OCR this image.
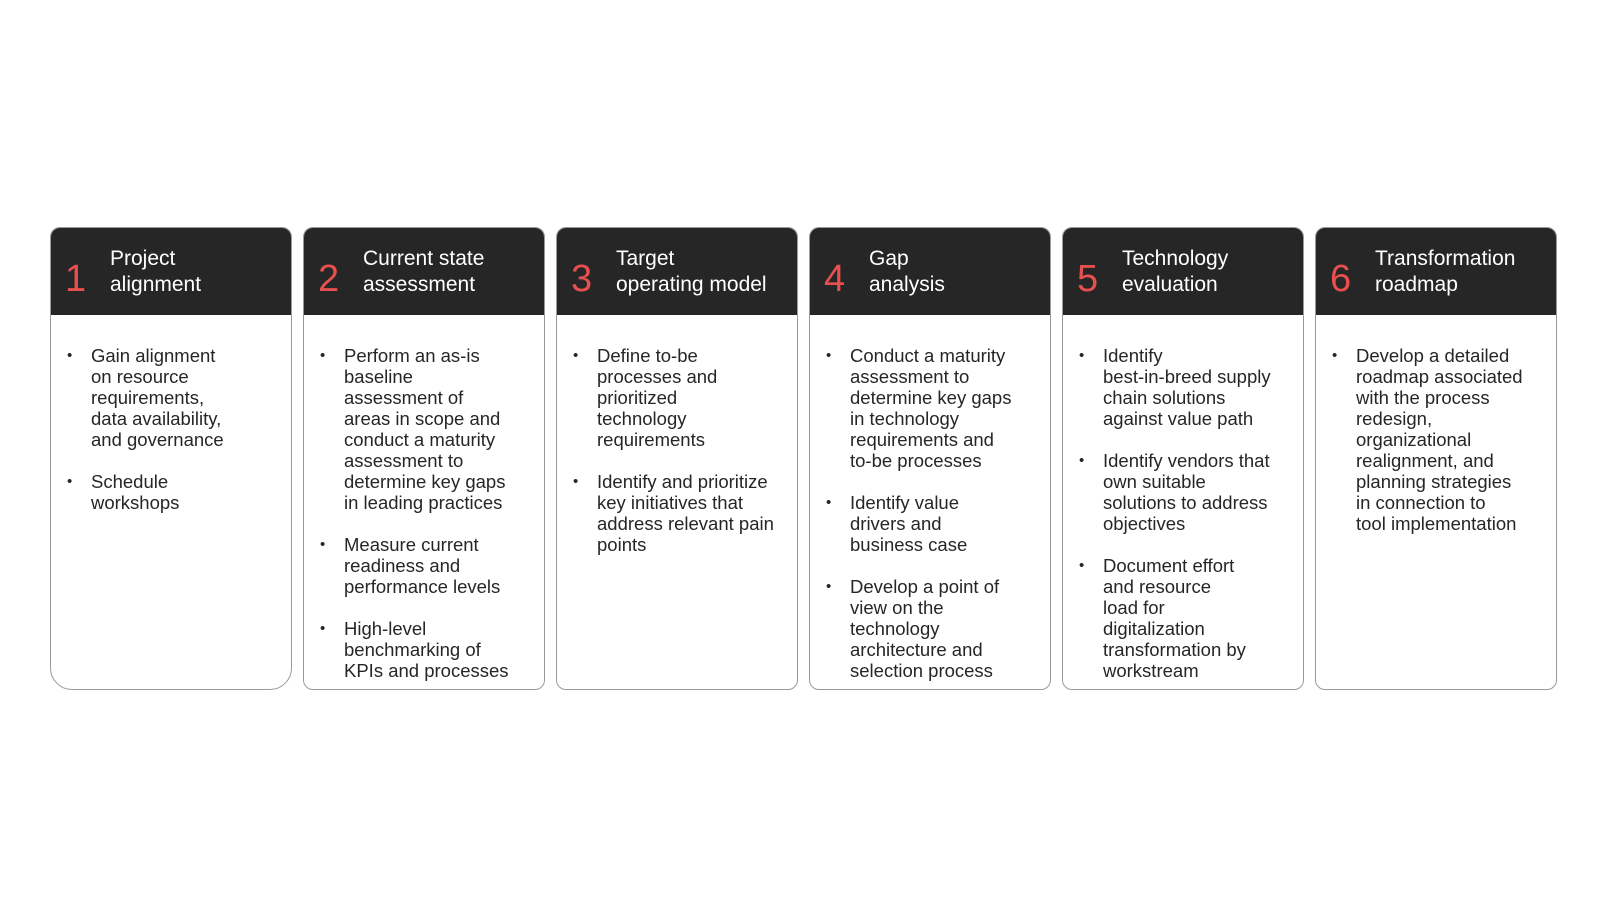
1	Project
alignment
• Gain alignment
on resource
requirements,
data availability,
and governance
• Schedule
workshops
2	Current state
assessment
• Perform an as-is
baseline
assessment of
areas in scope and
conduct a maturity
assessment to
determine key gaps
in leading practices
• Measure current
readiness and
performance levels
• High-level
benchmarking of
KPIs and processes
3	Target
operating model
• Define to-be
processes and
prioritized
technology
requirements
• Identify and prioritize
key initiatives that
address relevant pain
points
4	Gap
analysis
• Conduct a maturity
assessment to
determine key gaps
in technology
requirements and
to-be processes
• Identify value
drivers and
business case
• Develop a point of
view on the
technology
architecture and
selection process
5	Technology
evaluation
• Identify
best-in-breed supply
chain solutions
against value path
• Identify vendors that
own suitable
solutions to address
objectives
• Document effort
and resource
load for
digitalization
transformation by
workstream
6	Transformation
roadmap
• Develop a detailed
roadmap associated
with the process
redesign,
organizational
realignment, and
planning strategies
in connection to
tool implementation
